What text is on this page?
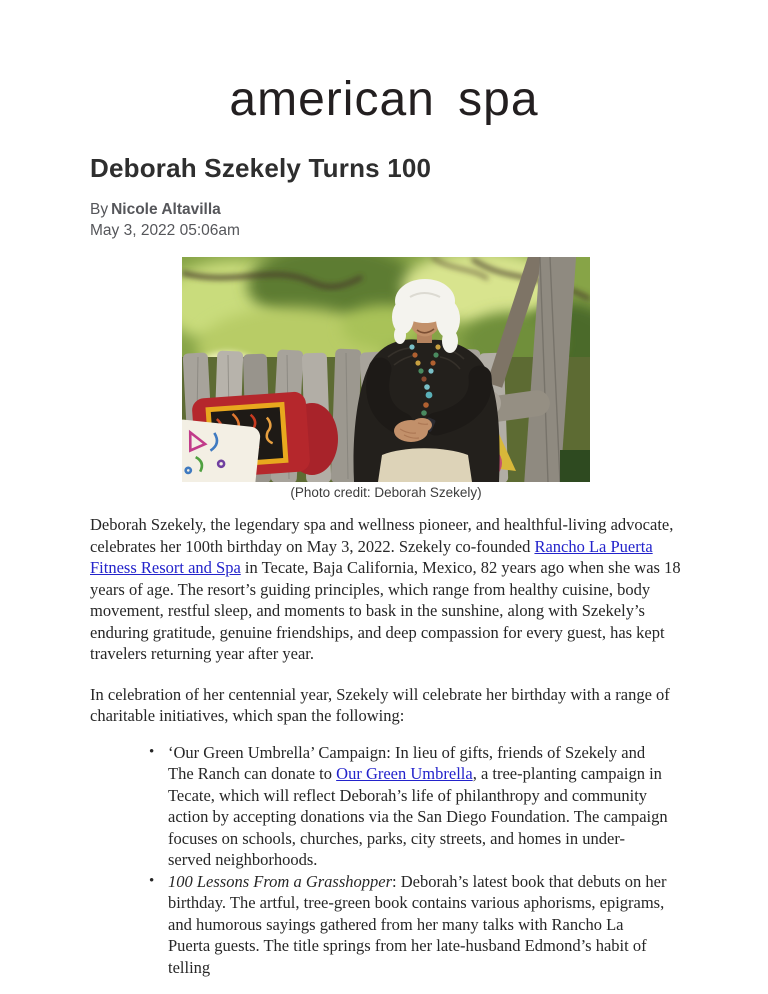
american spa
Deborah Szekely Turns 100
By Nicole Altavilla
May 3, 2022 05:06am
(Photo credit: Deborah Szekely)

Deborah Szekely, the legendary spa and wellness pioneer, and healthful-living advocate, celebrates her 100th birthday on May 3, 2022. Szekely co-founded Rancho La Puerta Fitness Resort and Spa in Tecate, Baja California, Mexico, 82 years ago when she was 18 years of age. The resort’s guiding principles, which range from healthy cuisine, body movement, restful sleep, and moments to bask in the sunshine, along with Szekely’s enduring gratitude, genuine friendships, and deep compassion for every guest, has kept travelers returning year after year.

In celebration of her centennial year, Szekely will celebrate her birthday with a range of charitable initiatives, which span the following:

• ‘Our Green Umbrella’ Campaign: In lieu of gifts, friends of Szekely and The Ranch can donate to Our Green Umbrella, a tree-planting campaign in Tecate, which will reflect Deborah’s life of philanthropy and community action by accepting donations via the San Diego Foundation. The campaign focuses on schools, churches, parks, city streets, and homes in under-served neighborhoods.
• 100 Lessons From a Grasshopper: Deborah’s latest book that debuts on her birthday. The artful, tree-green book contains various aphorisms, epigrams, and humorous sayings gathered from her many talks with Rancho La Puerta guests. The title springs from her late-husband Edmond’s habit of telling
